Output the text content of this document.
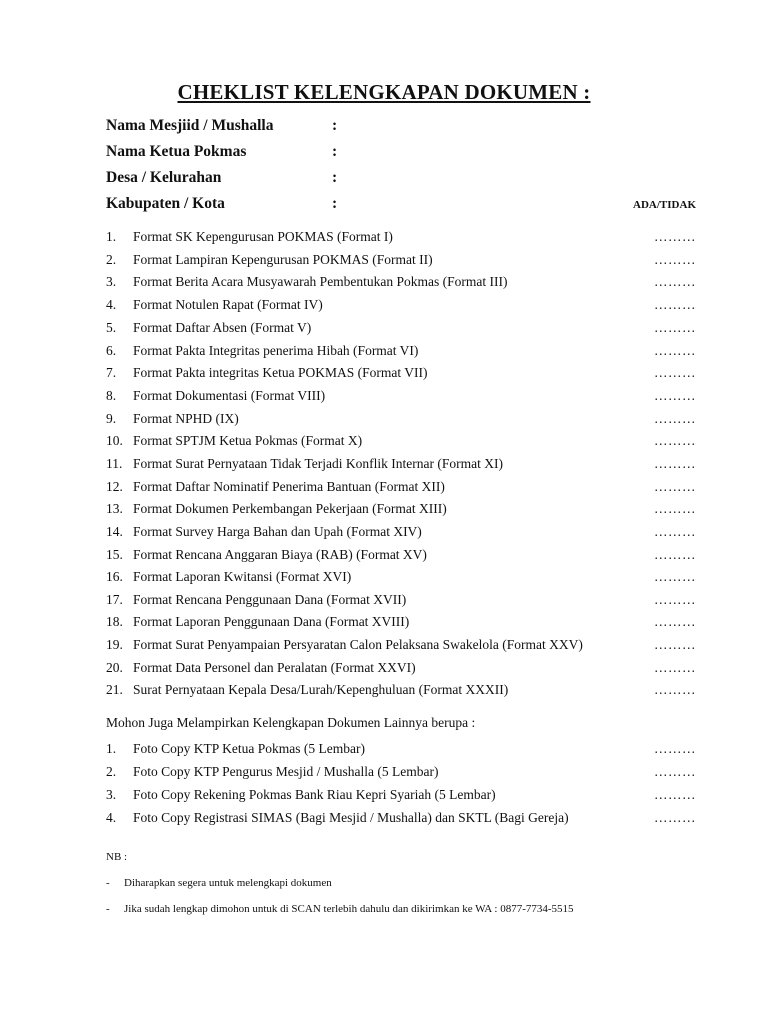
CHEKLIST KELENGKAPAN DOKUMEN :
Nama Mesjiid / Mushalla	:
Nama Ketua Pokmas	:
Desa / Kelurahan	:
Kabupaten / Kota	:	ADA/TIDAK
1. Format SK Kepengurusan POKMAS (Format I)	………
2. Format Lampiran Kepengurusan POKMAS (Format II)	………
3. Format Berita Acara Musyawarah Pembentukan Pokmas (Format III)	………
4. Format Notulen Rapat (Format IV)	………
5. Format Daftar Absen (Format V)	………
6. Format Pakta Integritas penerima Hibah (Format VI)	………
7. Format Pakta integritas Ketua POKMAS (Format VII)	………
8. Format Dokumentasi (Format VIII)	………
9. Format NPHD (IX)	………
10. Format SPTJM Ketua Pokmas (Format X)	………
11. Format Surat Pernyataan Tidak Terjadi Konflik Internar (Format XI)	………
12. Format Daftar Nominatif Penerima Bantuan (Format XII)	………
13. Format Dokumen Perkembangan Pekerjaan (Format XIII)	………
14. Format Survey Harga Bahan dan Upah (Format XIV)	………
15. Format Rencana Anggaran Biaya (RAB) (Format XV)	………
16. Format Laporan Kwitansi (Format XVI)	………
17. Format Rencana Penggunaan Dana (Format XVII)	………
18. Format Laporan Penggunaan Dana (Format XVIII)	………
19. Format Surat Penyampaian Persyaratan Calon Pelaksana Swakelola (Format XXV)	………
20. Format Data Personel dan Peralatan (Format XXVI)	………
21. Surat Pernyataan Kepala Desa/Lurah/Kepenghuluan (Format XXXII)	………
Mohon Juga Melampirkan Kelengkapan Dokumen Lainnya berupa :
1. Foto Copy KTP Ketua Pokmas (5 Lembar)	………
2. Foto Copy KTP Pengurus Mesjid / Mushalla (5 Lembar)	………
3. Foto Copy Rekening Pokmas Bank Riau Kepri Syariah (5 Lembar)	………
4. Foto Copy Registrasi SIMAS (Bagi Mesjid / Mushalla) dan SKTL (Bagi Gereja)	………
NB :
- Diharapkan segera untuk melengkapi dokumen
- Jika sudah lengkap dimohon untuk di SCAN terlebih dahulu dan dikirimkan ke WA : 0877-7734-5515
